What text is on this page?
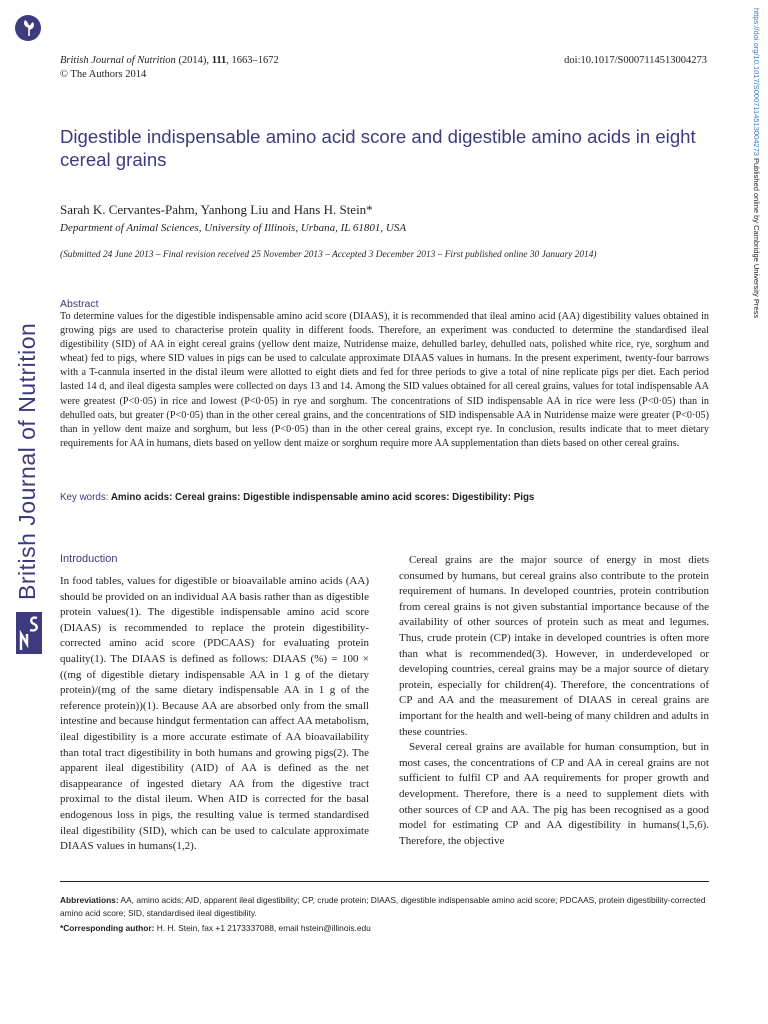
British Journal of Nutrition
https://doi.org/10.1017/S0007114513004273 Published online by Cambridge University Press
British Journal of Nutrition (2014), 111, 1663–1672
© The Authors 2014
doi:10.1017/S0007114513004273
Digestible indispensable amino acid score and digestible amino acids in eight cereal grains
Sarah K. Cervantes-Pahm, Yanhong Liu and Hans H. Stein*
Department of Animal Sciences, University of Illinois, Urbana, IL 61801, USA
(Submitted 24 June 2013 – Final revision received 25 November 2013 – Accepted 3 December 2013 – First published online 30 January 2014)
Abstract
To determine values for the digestible indispensable amino acid score (DIAAS), it is recommended that ileal amino acid (AA) digestibility values obtained in growing pigs are used to characterise protein quality in different foods. Therefore, an experiment was conducted to determine the standardised ileal digestibility (SID) of AA in eight cereal grains (yellow dent maize, Nutridense maize, dehulled barley, dehulled oats, polished white rice, rye, sorghum and wheat) fed to pigs, where SID values in pigs can be used to calculate approximate DIAAS values in humans. In the present experiment, twenty-four barrows with a T-cannula inserted in the distal ileum were allotted to eight diets and fed for three periods to give a total of nine replicate pigs per diet. Each period lasted 14 d, and ileal digesta samples were collected on days 13 and 14. Among the SID values obtained for all cereal grains, values for total indispensable AA were greatest (P<0·05) in rice and lowest (P<0·05) in rye and sorghum. The concentrations of SID indispensable AA in rice were less (P<0·05) than in dehulled oats, but greater (P<0·05) than in the other cereal grains, and the concentrations of SID indispensable AA in Nutridense maize were greater (P<0·05) than in yellow dent maize and sorghum, but less (P<0·05) than in the other cereal grains, except rye. In conclusion, results indicate that to meet dietary requirements for AA in humans, diets based on yellow dent maize or sorghum require more AA supplementation than diets based on other cereal grains.
Key words: Amino acids: Cereal grains: Digestible indispensable amino acid scores: Digestibility: Pigs
Introduction

In food tables, values for digestible or bioavailable amino acids (AA) should be provided on an individual AA basis rather than as digestible protein values(1). The digestible indispensable amino acid score (DIAAS) is recommended to replace the protein digestibility-corrected amino acid score (PDCAAS) for evaluating protein quality(1). The DIAAS is defined as follows: DIAAS (%) = 100 × ((mg of digestible dietary indispensable AA in 1 g of the dietary protein)/(mg of the same dietary indispensable AA in 1 g of the reference protein))(1). Because AA are absorbed only from the small intestine and because hindgut fermentation can affect AA metabolism, ileal digestibility is a more accurate estimate of AA bioavailability than total tract digestibility in both humans and growing pigs(2). The apparent ileal digestibility (AID) of AA is defined as the net disappearance of ingested dietary AA from the digestive tract proximal to the distal ileum. When AID is corrected for the basal endogenous loss in pigs, the resulting value is termed standardised ileal digestibility (SID), which can be used to calculate approximate DIAAS values in humans(1,2).

Cereal grains are the major source of energy in most diets consumed by humans, but cereal grains also contribute to the protein requirement of humans. In developed countries, protein contribution from cereal grains is not given substantial importance because of the availability of other sources of protein such as meat and legumes. Thus, crude protein (CP) intake in developed countries is often more than what is recommended(3). However, in underdeveloped or developing countries, cereal grains may be a major source of dietary protein, especially for children(4). Therefore, the concentrations of CP and AA and the measurement of DIAAS in cereal grains are important for the health and well-being of many children and adults in these countries.

Several cereal grains are available for human consumption, but in most cases, the concentrations of CP and AA in cereal grains are not sufficient to fulfil CP and AA requirements for proper growth and development. Therefore, there is a need to supplement diets with other sources of CP and AA. The pig has been recognised as a good model for estimating CP and AA digestibility in humans(1,5,6). Therefore, the objective

Abbreviations: AA, amino acids; AID, apparent ileal digestibility; CP, crude protein; DIAAS, digestible indispensable amino acid score; PDCAAS, protein digestibility-corrected amino acid score; SID, standardised ileal digestibility.

*Corresponding author: H. H. Stein, fax +1 2173337088, email hstein@illinois.edu
